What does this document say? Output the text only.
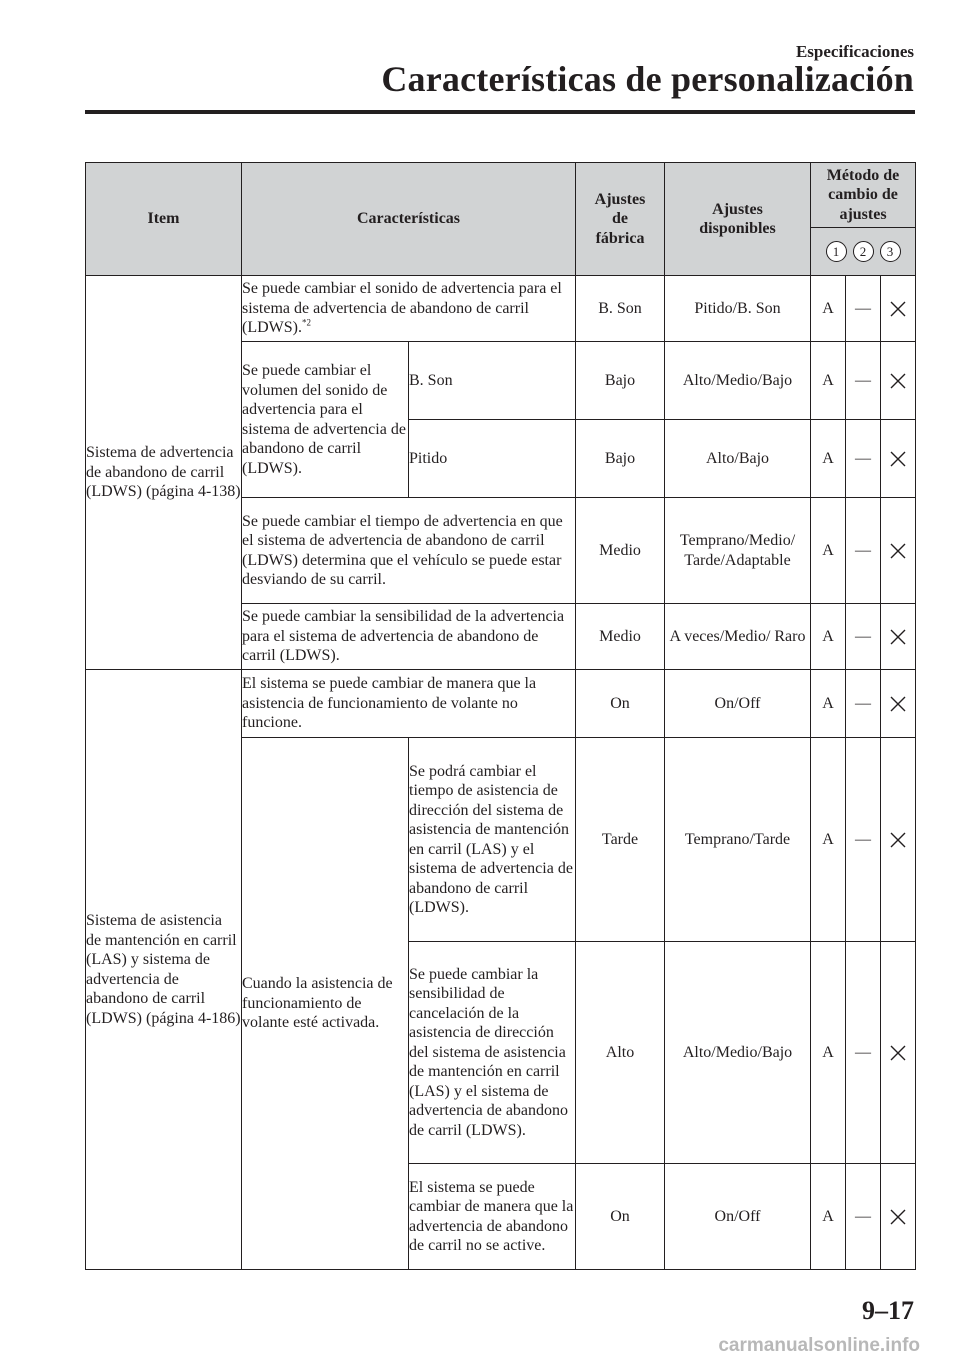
Especificaciones
Características de personalización
Item	Características		Ajustes de fábrica	Ajustes disponibles	Método de cambio de ajustes		

					1 2 3		
Sistema de advertencia de abandono de carril (LDWS) (página 4-138)	Se puede cambiar el sonido de advertencia para el sistema de advertencia de abandono de carril (LDWS).$^{*2}$		B. Son	Pitido/B. Son	A	—	
	Se puede cambiar el volumen del sonido de advertencia para el sistema de advertencia de abandono de carril (LDWS).	B. Son	Bajo	Alto/Medio/Bajo	A	—	
		Pitido	Bajo	Alto/Bajo	A	—	
	Se puede cambiar el tiempo de advertencia en que el sistema de advertencia de abandono de carril (LDWS) determina que el vehículo se puede estar desviando de su carril.		Medio	Temprano/Medio/ Tarde/Adaptable	A	—	
	Se puede cambiar la sensibilidad de la advertencia para el sistema de advertencia de abandono de carril (LDWS).		Medio	A veces/Medio/ Raro	A	—	
Sistema de asistencia de mantención en carril (LAS) y sistema de advertencia de abandono de carril (LDWS) (página 4-186)	El sistema se puede cambiar de manera que la asistencia de funcionamiento de volante no funcione.		On	On/Off	A	—	
	Cuando la asistencia de funcionamiento de volante esté activada.	Se podrá cambiar el tiempo de asistencia de dirección del sistema de asistencia de mantención en carril (LAS) y el sistema de advertencia de abandono de carril (LDWS).	Tarde	Temprano/Tarde	A	—	
		Se puede cambiar la sensibilidad de cancelación de la asistencia de dirección del sistema de asistencia de mantención en carril (LAS) y el sistema de advertencia de abandono de carril (LDWS).	Alto	Alto/Medio/Bajo	A	—	
		El sistema se puede cambiar de manera que la advertencia de abandono de carril no se active.	On	On/Off	A	—	
9–17
carmanualsonline.info
